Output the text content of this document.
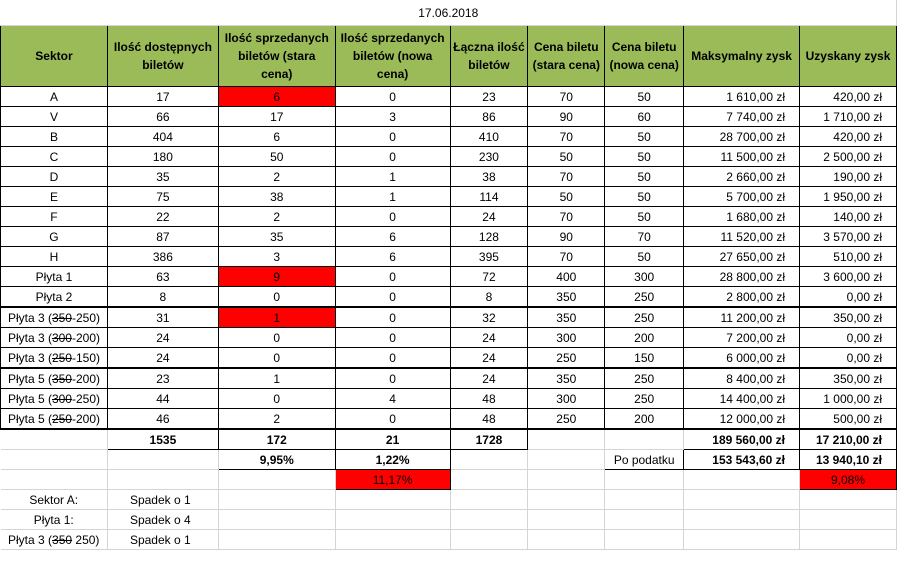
17.06.2018								
Sektor	Ilość dostępnych biletów	Ilość sprzedanych biletów (stara cena)	Ilość sprzedanych biletów (nowa cena)	Łączna ilość biletów	Cena biletu (stara cena)	Cena biletu (nowa cena)	Maksymalny zysk	Uzyskany zysk
A	17	6	0	23	70	50	1 610,00 zł	420,00 zł
V	66	17	3	86	90	60	7 740,00 zł	1 710,00 zł
B	404	6	0	410	70	50	28 700,00 zł	420,00 zł
C	180	50	0	230	50	50	11 500,00 zł	2 500,00 zł
D	35	2	1	38	70	50	2 660,00 zł	190,00 zł
E	75	38	1	114	50	50	5 700,00 zł	1 950,00 zł
F	22	2	0	24	70	50	1 680,00 zł	140,00 zł
G	87	35	6	128	90	70	11 520,00 zł	3 570,00 zł
H	386	3	6	395	70	50	27 650,00 zł	510,00 zł
Płyta 1	63	9	0	72	400	300	28 800,00 zł	3 600,00 zł
Płyta 2	8	0	0	8	350	250	2 800,00 zł	0,00 zł
Płyta 3 (350-250)	31	1	0	32	350	250	11 200,00 zł	350,00 zł
Płyta 3 (300-200)	24	0	0	24	300	200	7 200,00 zł	0,00 zł
Płyta 3 (250-150)	24	0	0	24	250	150	6 000,00 zł	0,00 zł
Płyta 5 (350-200)	23	1	0	24	350	250	8 400,00 zł	350,00 zł
Płyta 5 (300-250)	44	0	4	48	300	250	14 400,00 zł	1 000,00 zł
Płyta 5 (250-200)	46	2	0	48	250	200	12 000,00 zł	500,00 zł
	1535	172	21	1728			189 560,00 zł	17 210,00 zł
		9,95%	1,22%			Po podatku	153 543,60 zł	13 940,10 zł
			11,17%					9,08%
Sektor A:	Spadek o 1							
Płyta 1:	Spadek o 4							
Płyta 3 (350 250)	Spadek o 1							
